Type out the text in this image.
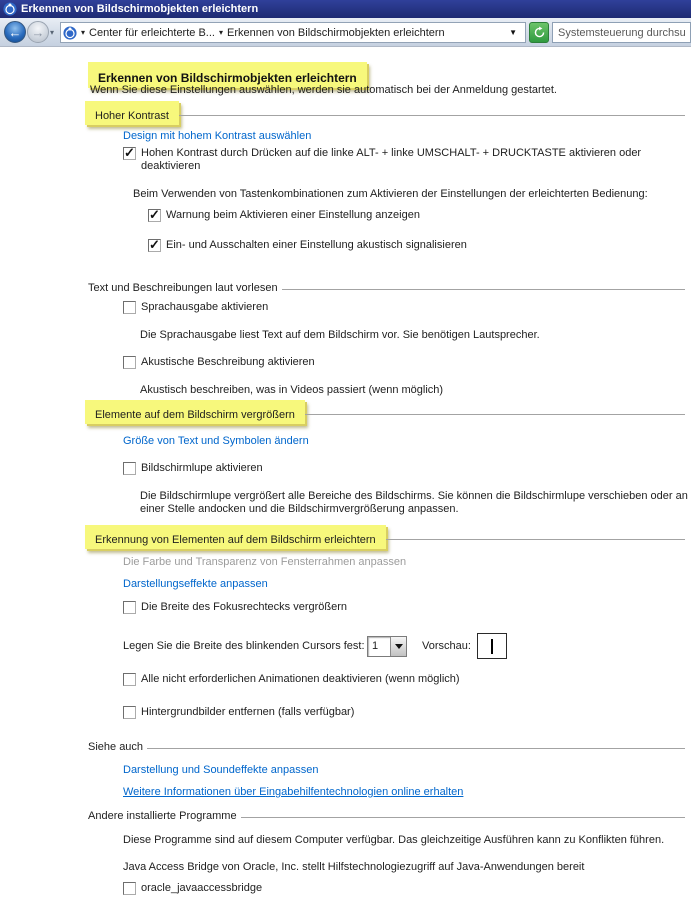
Erkennen von Bildschirmobjekten erleichtern
← → ▾	▾ Center für erleichterte B... ▾ Erkennen von Bildschirmobjekten erleichtern	▼
Systemsteuerung durchsuchen
Erkennen von Bildschirmobjekten erleichtern
Wenn Sie diese Einstellungen auswählen, werden sie automatisch bei der Anmeldung gestartet.
Hoher Kontrast
Design mit hohem Kontrast auswählen
✓
Hohen Kontrast durch Drücken auf die linke ALT- + linke UMSCHALT- + DRUCKTASTE aktivieren oder deaktivieren
Beim Verwenden von Tastenkombinationen zum Aktivieren der Einstellungen der erleichterten Bedienung:
✓
Warnung beim Aktivieren einer Einstellung anzeigen
✓
Ein- und Ausschalten einer Einstellung akustisch signalisieren
Text und Beschreibungen laut vorlesen
Sprachausgabe aktivieren
Die Sprachausgabe liest Text auf dem Bildschirm vor. Sie benötigen Lautsprecher.
Akustische Beschreibung aktivieren
Akustisch beschreiben, was in Videos passiert (wenn möglich)
Elemente auf dem Bildschirm vergrößern
Größe von Text und Symbolen ändern
Bildschirmlupe aktivieren
Die Bildschirmlupe vergrößert alle Bereiche des Bildschirms. Sie können die Bildschirmlupe verschieben oder an einer Stelle andocken und die Bildschirmvergrößerung anpassen.
Erkennung von Elementen auf dem Bildschirm erleichtern
Die Farbe und Transparenz von Fensterrahmen anpassen
Darstellungseffekte anpassen
Die Breite des Fokusrechtecks vergrößern
Legen Sie die Breite des blinkenden Cursors fest: 1	Vorschau:
Alle nicht erforderlichen Animationen deaktivieren (wenn möglich)
Hintergrundbilder entfernen (falls verfügbar)
Siehe auch
Darstellung und Soundeffekte anpassen
Weitere Informationen über Eingabehilfentechnologien online erhalten
Andere installierte Programme
Diese Programme sind auf diesem Computer verfügbar. Das gleichzeitige Ausführen kann zu Konflikten führen.
Java Access Bridge von Oracle, Inc. stellt Hilfstechnologiezugriff auf Java-Anwendungen bereit
oracle_javaaccessbridge
